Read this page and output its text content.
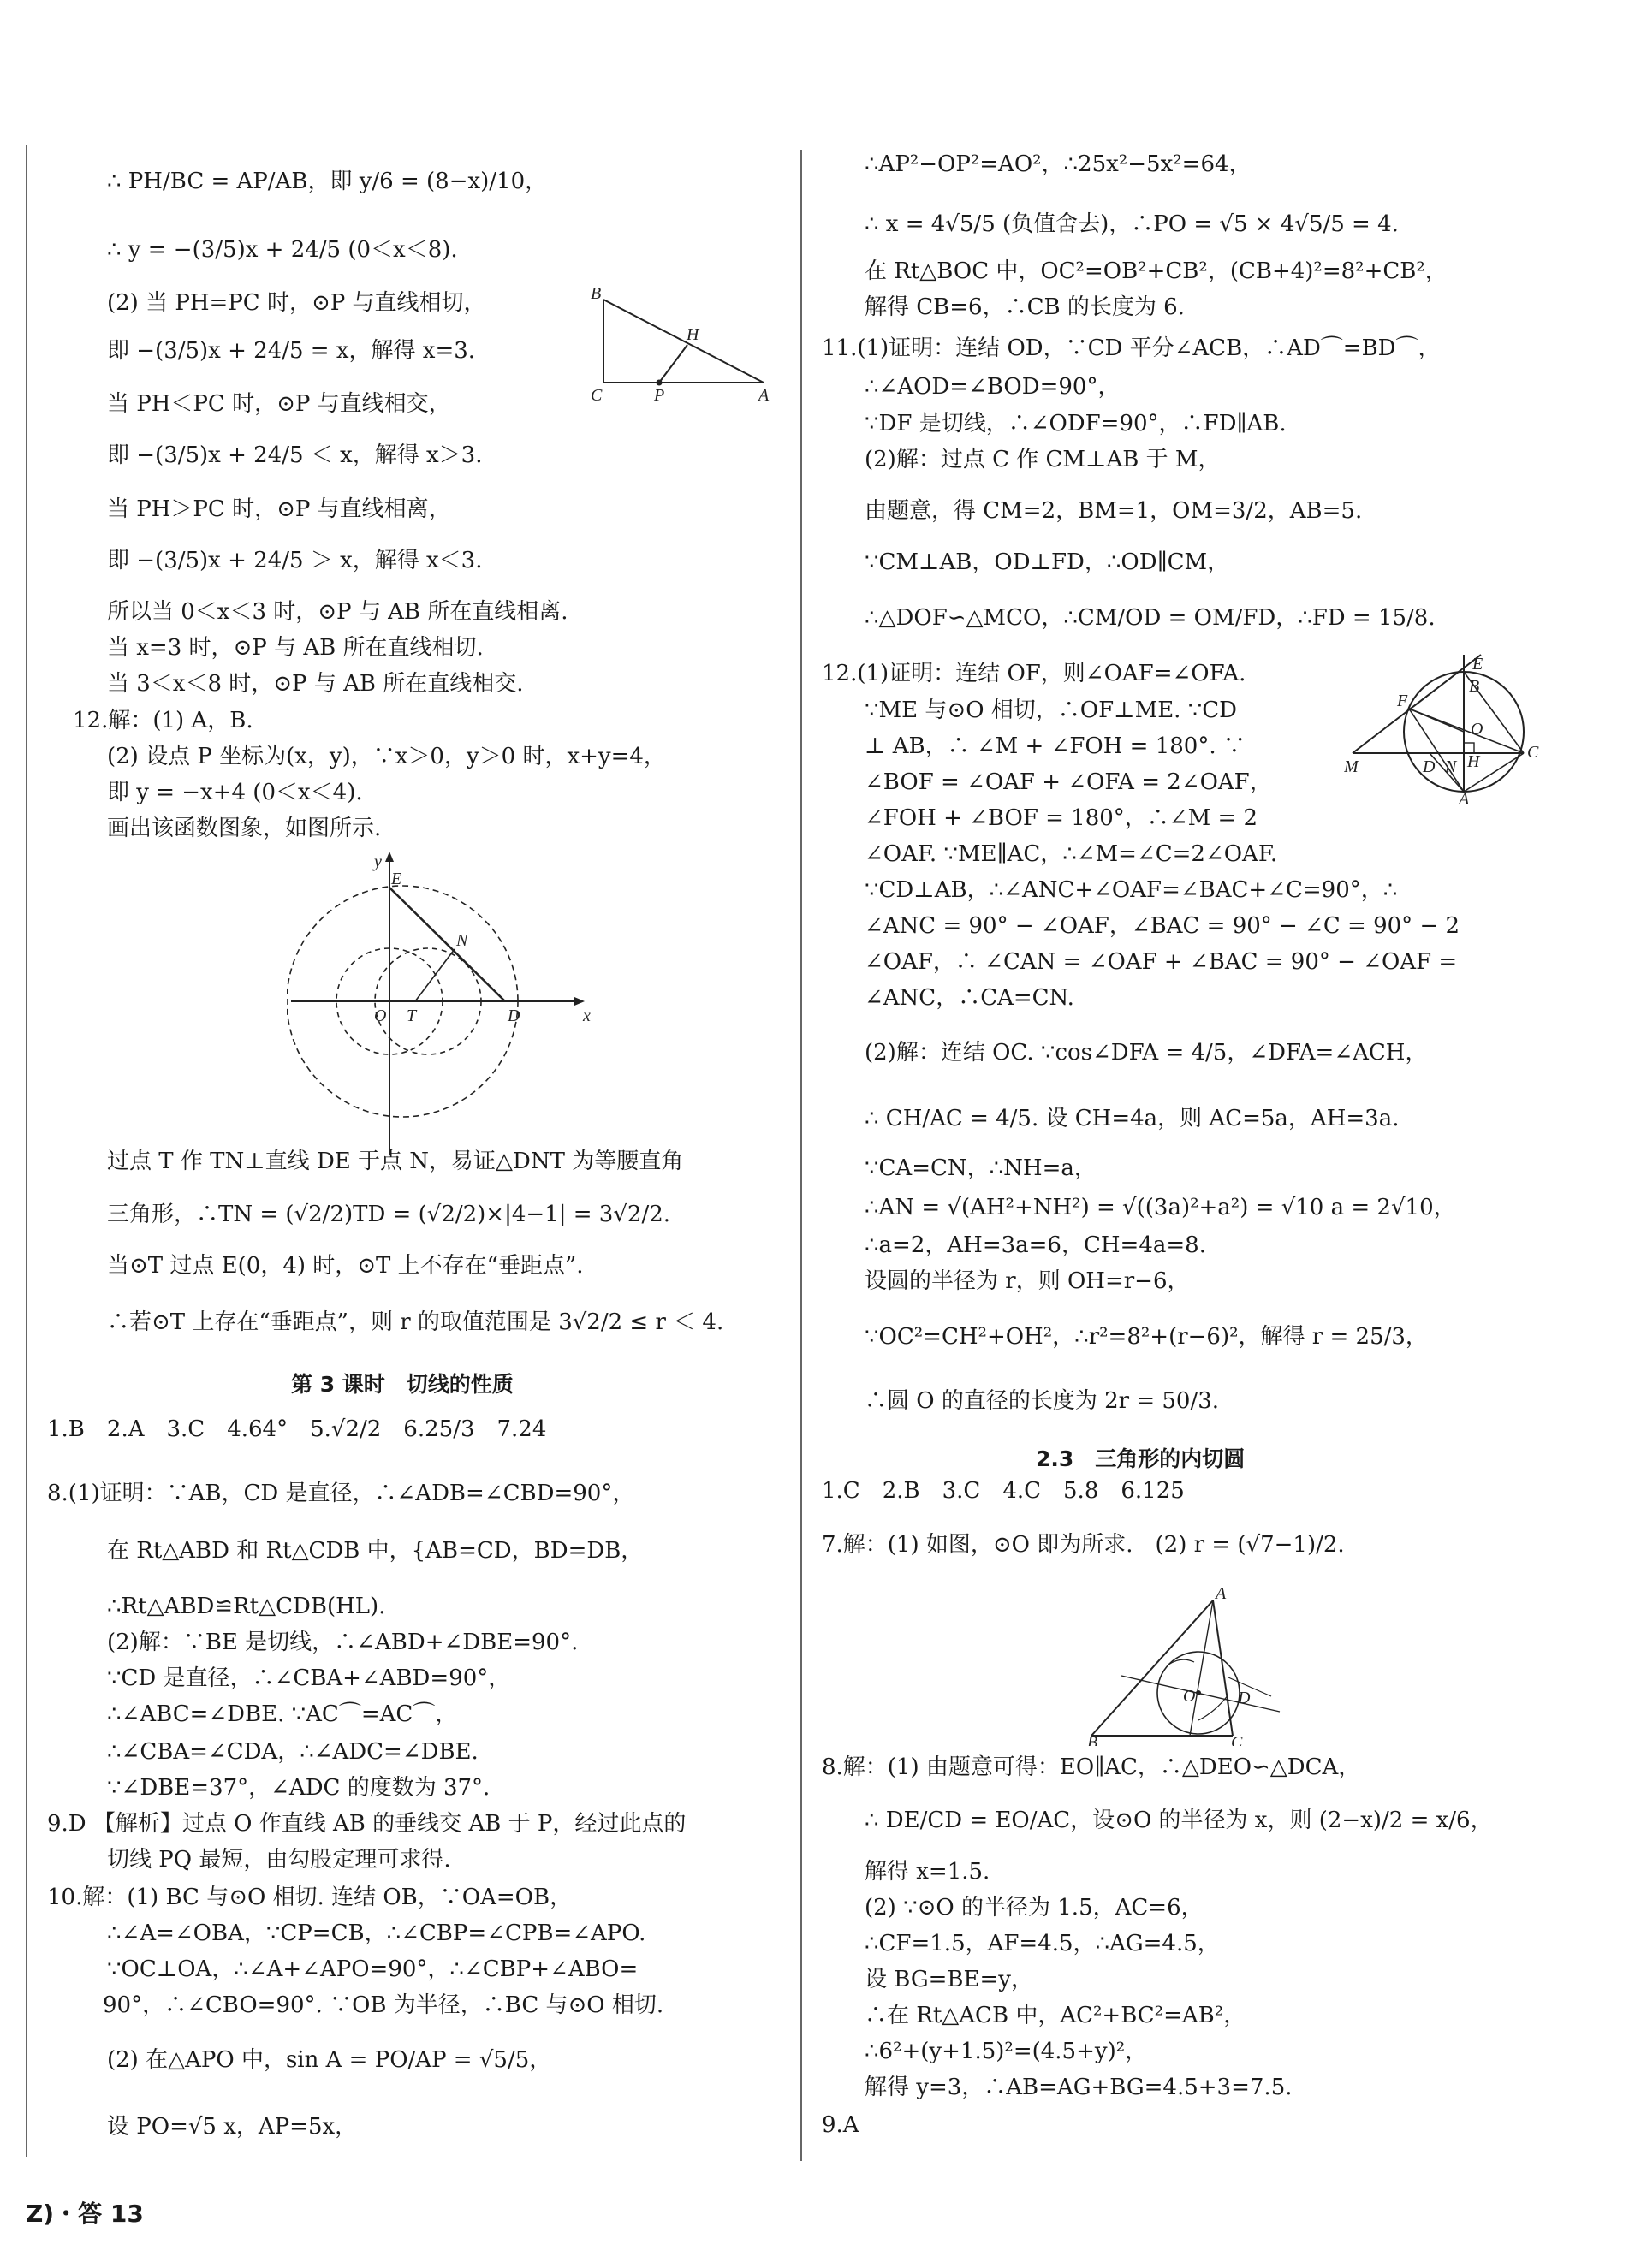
∴ PH/BC = AP/AB，即 y/6 = (8−x)/10，
∴ y = −(3/5)x + 24/5 (0＜x＜8).
(2) 当 PH=PC 时，⊙P 与直线相切，
即 −(3/5)x + 24/5 = x，解得 x=3.
当 PH＜PC 时，⊙P 与直线相交，
即 −(3/5)x + 24/5 ＜ x，解得 x＞3.
当 PH＞PC 时，⊙P 与直线相离，
即 −(3/5)x + 24/5 ＞ x，解得 x＜3.
所以当 0＜x＜3 时，⊙P 与 AB 所在直线相离.
当 x=3 时，⊙P 与 AB 所在直线相切.
当 3＜x＜8 时，⊙P 与 AB 所在直线相交.
12.解：(1) A，B.
(2) 设点 P 坐标为(x，y)，∵x＞0，y＞0 时，x+y=4，
即 y = −x+4 (0＜x＜4).
画出该函数图象，如图所示.
B
H
C	P	A
y
E
N
O T	D	x
过点 T 作 TN⊥直线 DE 于点 N，易证△DNT 为等腰直角
三角形，∴TN = (√2/2)TD = (√2/2)×|4−1| = 3√2/2.
当⊙T 过点 E(0，4) 时，⊙T 上不存在“垂距点”.
∴若⊙T 上存在“垂距点”，则 r 的取值范围是 3√2/2 ≤ r ＜ 4.
第 3 课时　切线的性质
1.B　2.A　3.C　4.64°　5.√2/2　6.25/3　7.24
8.(1)证明：∵AB，CD 是直径，∴∠ADB=∠CBD=90°，
在 Rt△ABD 和 Rt△CDB 中，{AB=CD，BD=DB，
∴Rt△ABD≌Rt△CDB(HL).
(2)解：∵BE 是切线，∴∠ABD+∠DBE=90°.
∵CD 是直径，∴∠CBA+∠ABD=90°，
∴∠ABC=∠DBE. ∵AC⌒=AC⌒，
∴∠CBA=∠CDA，∴∠ADC=∠DBE.
∵∠DBE=37°，∠ADC 的度数为 37°.
9.D 【解析】过点 O 作直线 AB 的垂线交 AB 于 P，经过此点的
切线 PQ 最短，由勾股定理可求得.
10.解：(1) BC 与⊙O 相切. 连结 OB，∵OA=OB，
∴∠A=∠OBA，∵CP=CB，∴∠CBP=∠CPB=∠APO.
∵OC⊥OA，∴∠A+∠APO=90°，∴∠CBP+∠ABO=
90°，∴∠CBO=90°. ∵OB 为半径，∴BC 与⊙O 相切.
(2) 在△APO 中，sin A = PO/AP = √5/5，
设 PO=√5 x，AP=5x，
∴AP²−OP²=AO²，∴25x²−5x²=64，
∴ x = 4√5/5 (负值舍去)，∴PO = √5 × 4√5/5 = 4.
在 Rt△BOC 中，OC²=OB²+CB²，(CB+4)²=8²+CB²，
解得 CB=6，∴CB 的长度为 6.
11.(1)证明：连结 OD，∵CD 平分∠ACB，∴AD⌒=BD⌒，
∴∠AOD=∠BOD=90°，
∵DF 是切线，∴∠ODF=90°，∴FD∥AB.
(2)解：过点 C 作 CM⊥AB 于 M，
由题意，得 CM=2，BM=1，OM=3/2，AB=5.
∵CM⊥AB，OD⊥FD，∴OD∥CM，
∴△DOF∽△MCO，∴CM/OD = OM/FD，∴FD = 15/8.
12.(1)证明：连结 OF，则∠OAF=∠OFA.
∵ME 与⊙O 相切，∴OF⊥ME. ∵CD
⊥ AB，∴ ∠M + ∠FOH = 180°. ∵
∠BOF = ∠OAF + ∠OFA = 2∠OAF，
∠FOH + ∠BOF = 180°，∴∠M = 2
∠OAF. ∵ME∥AC，∴∠M=∠C=2∠OAF.
∵CD⊥AB，∴∠ANC+∠OAF=∠BAC+∠C=90°，∴
∠ANC = 90° − ∠OAF，∠BAC = 90° − ∠C = 90° − 2
∠OAF，∴ ∠CAN = ∠OAF + ∠BAC = 90° − ∠OAF =
∠ANC，∴CA=CN.
(2)解：连结 OC. ∵cos∠DFA = 4/5，∠DFA=∠ACH，
∴ CH/AC = 4/5. 设 CH=4a，则 AC=5a，AH=3a.
∵CA=CN，∴NH=a，
∴AN = √(AH²+NH²) = √((3a)²+a²) = √10 a = 2√10，
∴a=2，AH=3a=6，CH=4a=8.
设圆的半径为 r，则 OH=r−6，
∵OC²=CH²+OH²，∴r²=8²+(r−6)²，解得 r = 25/3，
∴圆 O 的直径的长度为 2r = 50/3.
E
F
B
M	D N
O
H	C
A
2.3　三角形的内切圆
1.C　2.B　3.C　4.C　5.8　6.125
7.解：(1) 如图，⊙O 即为所求.　(2) r = (√7−1)/2.
A
B	C
D
O
8.解：(1) 由题意可得：EO∥AC，∴△DEO∽△DCA，
∴ DE/CD = EO/AC，设⊙O 的半径为 x，则 (2−x)/2 = x/6，
解得 x=1.5.
(2) ∵⊙O 的半径为 1.5，AC=6，
∴CF=1.5，AF=4.5，∴AG=4.5，
设 BG=BE=y，
∴在 Rt△ACB 中，AC²+BC²=AB²，
∴6²+(y+1.5)²=(4.5+y)²，
解得 y=3，∴AB=AG+BG=4.5+3=7.5.
9.A
Z)・答 13
